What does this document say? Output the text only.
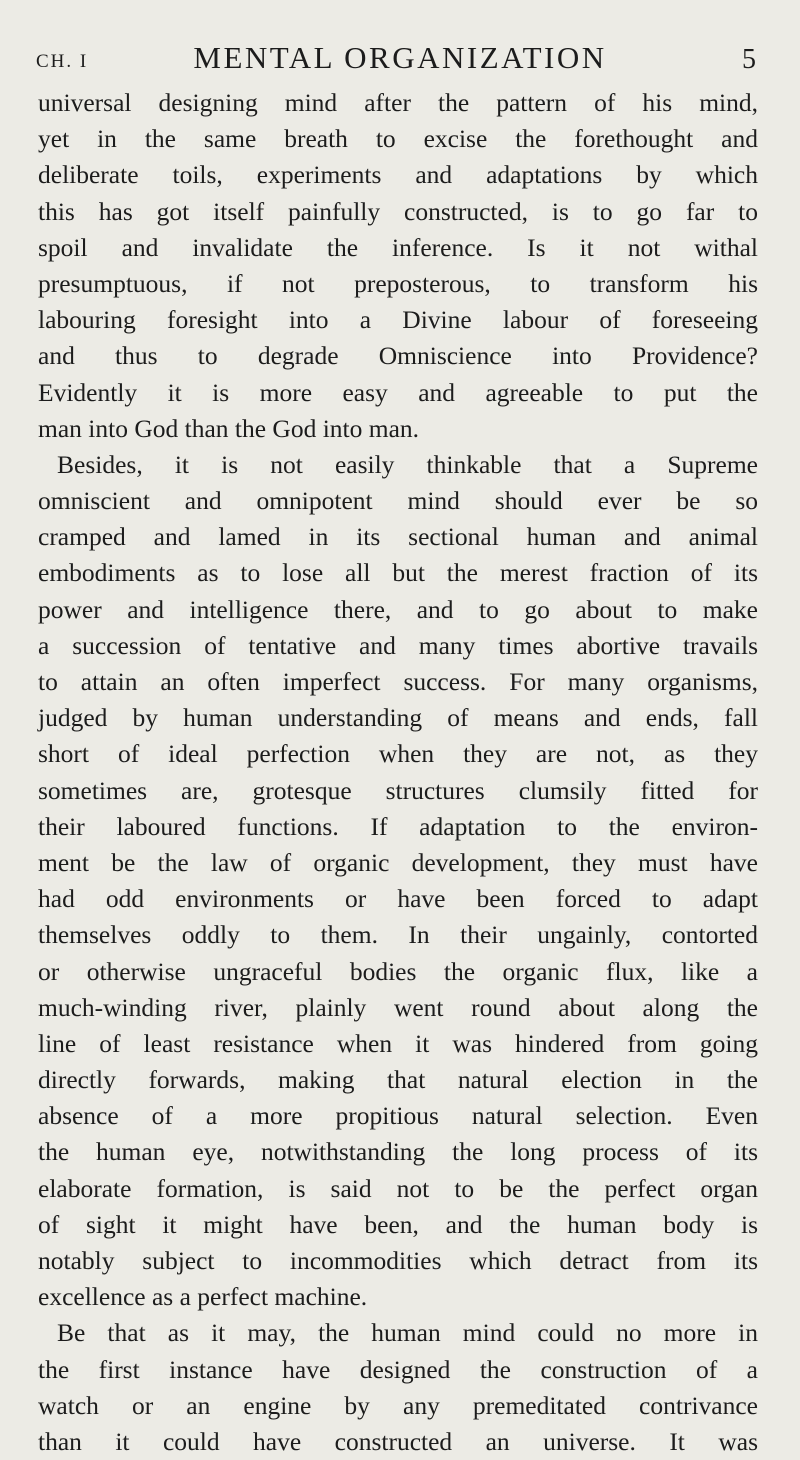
CH. I	MENTAL ORGANIZATION	5
universal designing mind after the pattern of his mind,
yet in the same breath to excise the forethought and
deliberate toils, experiments and adaptations by which
this has got itself painfully constructed, is to go far to
spoil and invalidate the inference. Is it not withal
presumptuous, if not preposterous, to transform his
labouring foresight into a Divine labour of foreseeing
and thus to degrade Omniscience into Providence?
Evidently it is more easy and agreeable to put the
man into God than the God into man.
Besides, it is not easily thinkable that a Supreme
omniscient and omnipotent mind should ever be so
cramped and lamed in its sectional human and animal
embodiments as to lose all but the merest fraction of its
power and intelligence there, and to go about to make
a succession of tentative and many times abortive travails
to attain an often imperfect success. For many organisms,
judged by human understanding of means and ends, fall
short of ideal perfection when they are not, as they
sometimes are, grotesque structures clumsily fitted for
their laboured functions. If adaptation to the environ-
ment be the law of organic development, they must have
had odd environments or have been forced to adapt
themselves oddly to them. In their ungainly, contorted
or otherwise ungraceful bodies the organic flux, like a
much-winding river, plainly went round about along the
line of least resistance when it was hindered from going
directly forwards, making that natural election in the
absence of a more propitious natural selection. Even
the human eye, notwithstanding the long process of its
elaborate formation, is said not to be the perfect organ
of sight it might have been, and the human body is
notably subject to incommodities which detract from its
excellence as a perfect machine.
Be that as it may, the human mind could no more in
the first instance have designed the construction of a
watch or an engine by any premeditated contrivance
than it could have constructed an universe. It was
